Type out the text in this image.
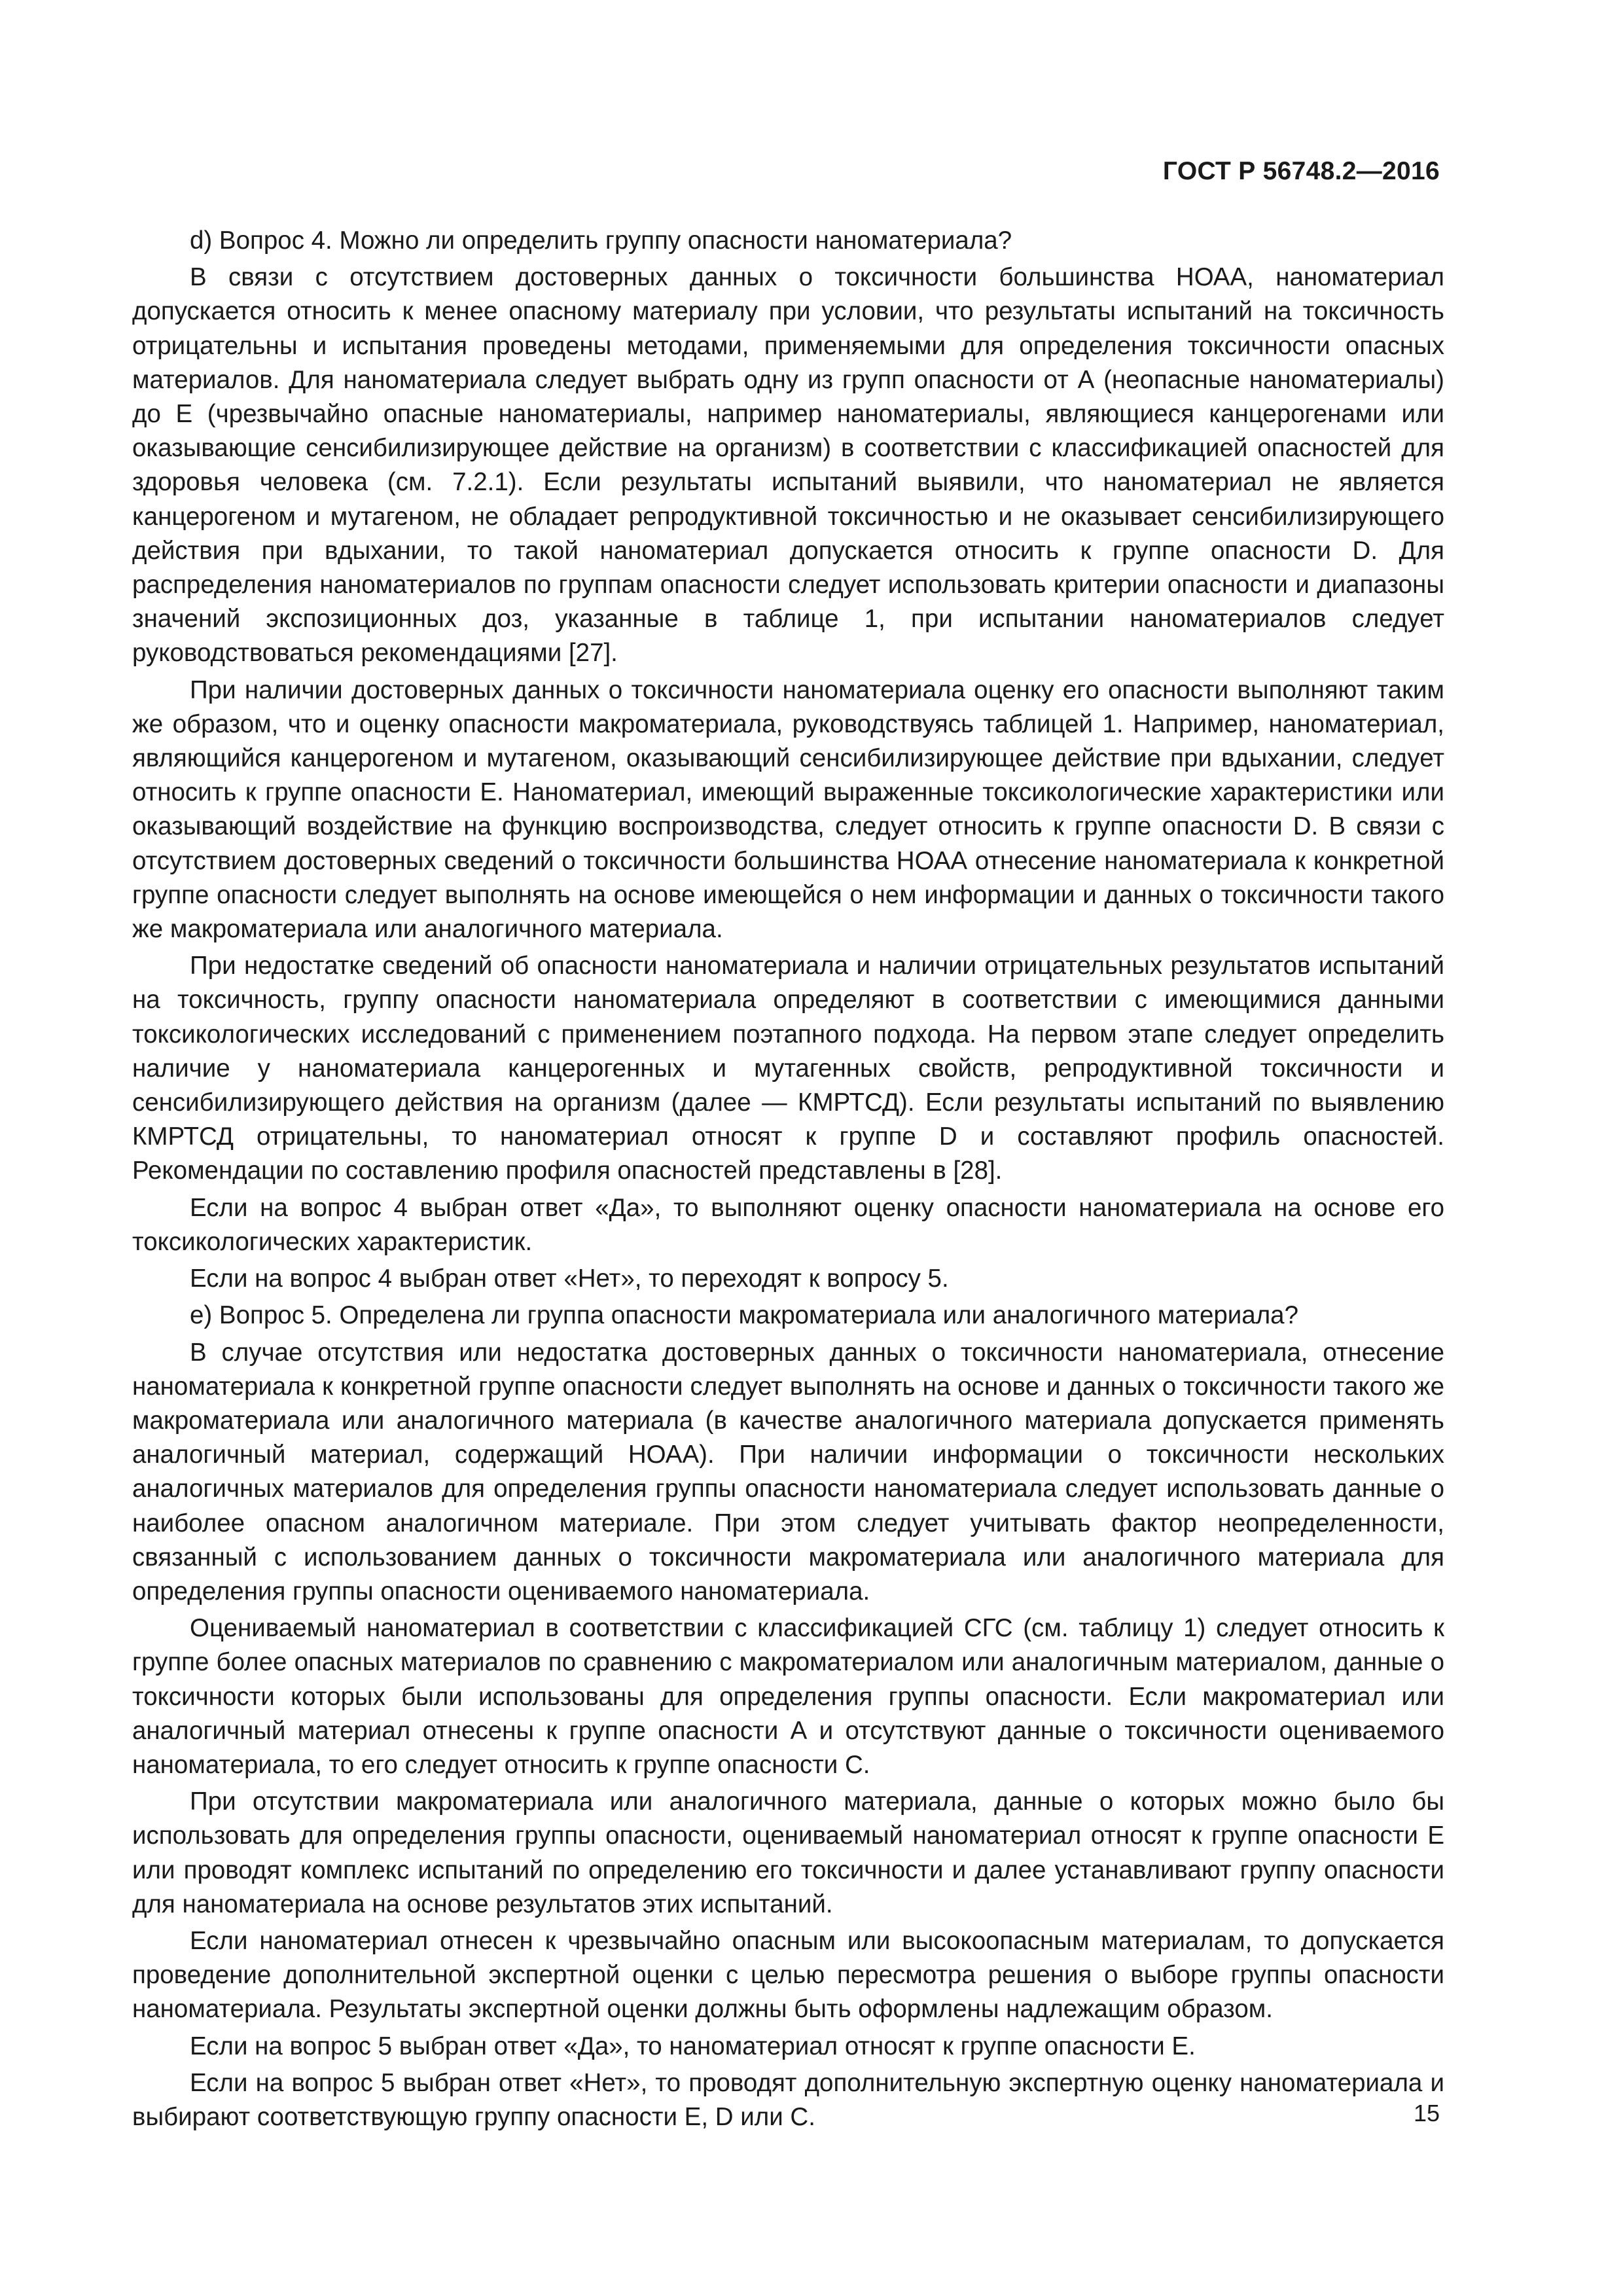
ГОСТ Р 56748.2—2016

d) Вопрос 4. Можно ли определить группу опасности наноматериала?

В связи с отсутствием достоверных данных о токсичности большинства НОАА, наноматериал допускается относить к менее опасному материалу при условии, что результаты испытаний на токсичность отрицательны и испытания проведены методами, применяемыми для определения токсичности опасных материалов. Для наноматериала следует выбрать одну из групп опасности от А (неопасные наноматериалы) до Е (чрезвычайно опасные наноматериалы, например наноматериалы, являющиеся канцерогенами или оказывающие сенсибилизирующее действие на организм) в соответствии с классификацией опасностей для здоровья человека (см. 7.2.1). Если результаты испытаний выявили, что наноматериал не является канцерогеном и мутагеном, не обладает репродуктивной токсичностью и не оказывает сенсибилизирующего действия при вдыхании, то такой наноматериал допускается относить к группе опасности D. Для распределения наноматериалов по группам опасности следует использовать критерии опасности и диапазоны значений экспозиционных доз, указанные в таблице 1, при испытании наноматериалов следует руководствоваться рекомендациями [27].

При наличии достоверных данных о токсичности наноматериала оценку его опасности выполняют таким же образом, что и оценку опасности макроматериала, руководствуясь таблицей 1. Например, наноматериал, являющийся канцерогеном и мутагеном, оказывающий сенсибилизирующее действие при вдыхании, следует относить к группе опасности Е. Наноматериал, имеющий выраженные токсикологические характеристики или оказывающий воздействие на функцию воспроизводства, следует относить к группе опасности D. В связи с отсутствием достоверных сведений о токсичности большинства НОАА отнесение наноматериала к конкретной группе опасности следует выполнять на основе имеющейся о нем информации и данных о токсичности такого же макроматериала или аналогичного материала.

При недостатке сведений об опасности наноматериала и наличии отрицательных результатов испытаний на токсичность, группу опасности наноматериала определяют в соответствии с имеющимися данными токсикологических исследований с применением поэтапного подхода. На первом этапе следует определить наличие у наноматериала канцерогенных и мутагенных свойств, репродуктивной токсичности и сенсибилизирующего действия на организм (далее — КМРТСД). Если результаты испытаний по выявлению КМРТСД отрицательны, то наноматериал относят к группе D и составляют профиль опасностей. Рекомендации по составлению профиля опасностей представлены в [28].

Если на вопрос 4 выбран ответ «Да», то выполняют оценку опасности наноматериала на основе его токсикологических характеристик.

Если на вопрос 4 выбран ответ «Нет», то переходят к вопросу 5.

е) Вопрос 5. Определена ли группа опасности макроматериала или аналогичного материала?

В случае отсутствия или недостатка достоверных данных о токсичности наноматериала, отнесение наноматериала к конкретной группе опасности следует выполнять на основе и данных о токсичности такого же макроматериала или аналогичного материала (в качестве аналогичного материала допускается применять аналогичный материал, содержащий НОАА). При наличии информации о токсичности нескольких аналогичных материалов для определения группы опасности наноматериала следует использовать данные о наиболее опасном аналогичном материале. При этом следует учитывать фактор неопределенности, связанный с использованием данных о токсичности макроматериала или аналогичного материала для определения группы опасности оцениваемого наноматериала.

Оцениваемый наноматериал в соответствии с классификацией СГС (см. таблицу 1) следует относить к группе более опасных материалов по сравнению с макроматериалом или аналогичным материалом, данные о токсичности которых были использованы для определения группы опасности. Если макроматериал или аналогичный материал отнесены к группе опасности А и отсутствуют данные о токсичности оцениваемого наноматериала, то его следует относить к группе опасности С.

При отсутствии макроматериала или аналогичного материала, данные о которых можно было бы использовать для определения группы опасности, оцениваемый наноматериал относят к группе опасности Е или проводят комплекс испытаний по определению его токсичности и далее устанавливают группу опасности для наноматериала на основе результатов этих испытаний.

Если наноматериал отнесен к чрезвычайно опасным или высокоопасным материалам, то допускается проведение дополнительной экспертной оценки с целью пересмотра решения о выборе группы опасности наноматериала. Результаты экспертной оценки должны быть оформлены надлежащим образом.

Если на вопрос 5 выбран ответ «Да», то наноматериал относят к группе опасности Е.

Если на вопрос 5 выбран ответ «Нет», то проводят дополнительную экспертную оценку наноматериала и выбирают соответствующую группу опасности Е, D или С.	15
